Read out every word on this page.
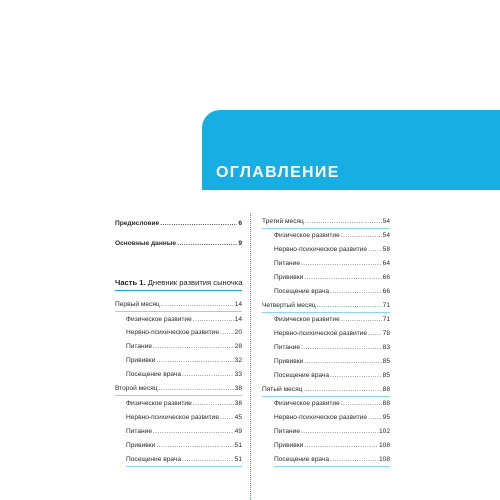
ОГЛАВЛЕНИЕ
Предисловие .....	6
Основные данные .....	9
Часть 1. Дневник развития сыночка
Первый месяц .....	14
Физическое развитие .....	14
Нервно-психическое развитие ..... 20
Питание .....	28
Прививки .....	32
Посещение врача .....	33
Второй месяц .....	38
Физическое развитие .....	38
Нервно-психическое развитие ..... 45
Питание .....	49
Прививки .....	51
Посещение врача .....	51
Третий месяц .....	54
Физическое развитие .....	54
Нервно-психическое развитие ..... 58
Питание .....	64
Прививки .....	66
Посещение врача .....	66
Четвертый месяц .....	71
Физическое развитие .....	71
Нервно-психическое развитие ..... 78
Питание .....	83
Прививки .....	85
Посещение врача .....	85
Пятый месяц .....	88
Физическое развитие .....	88
Нервно-психическое развитие ..... 95
Питание .....	102
Прививки .....	108
Посещение врача .....	108
